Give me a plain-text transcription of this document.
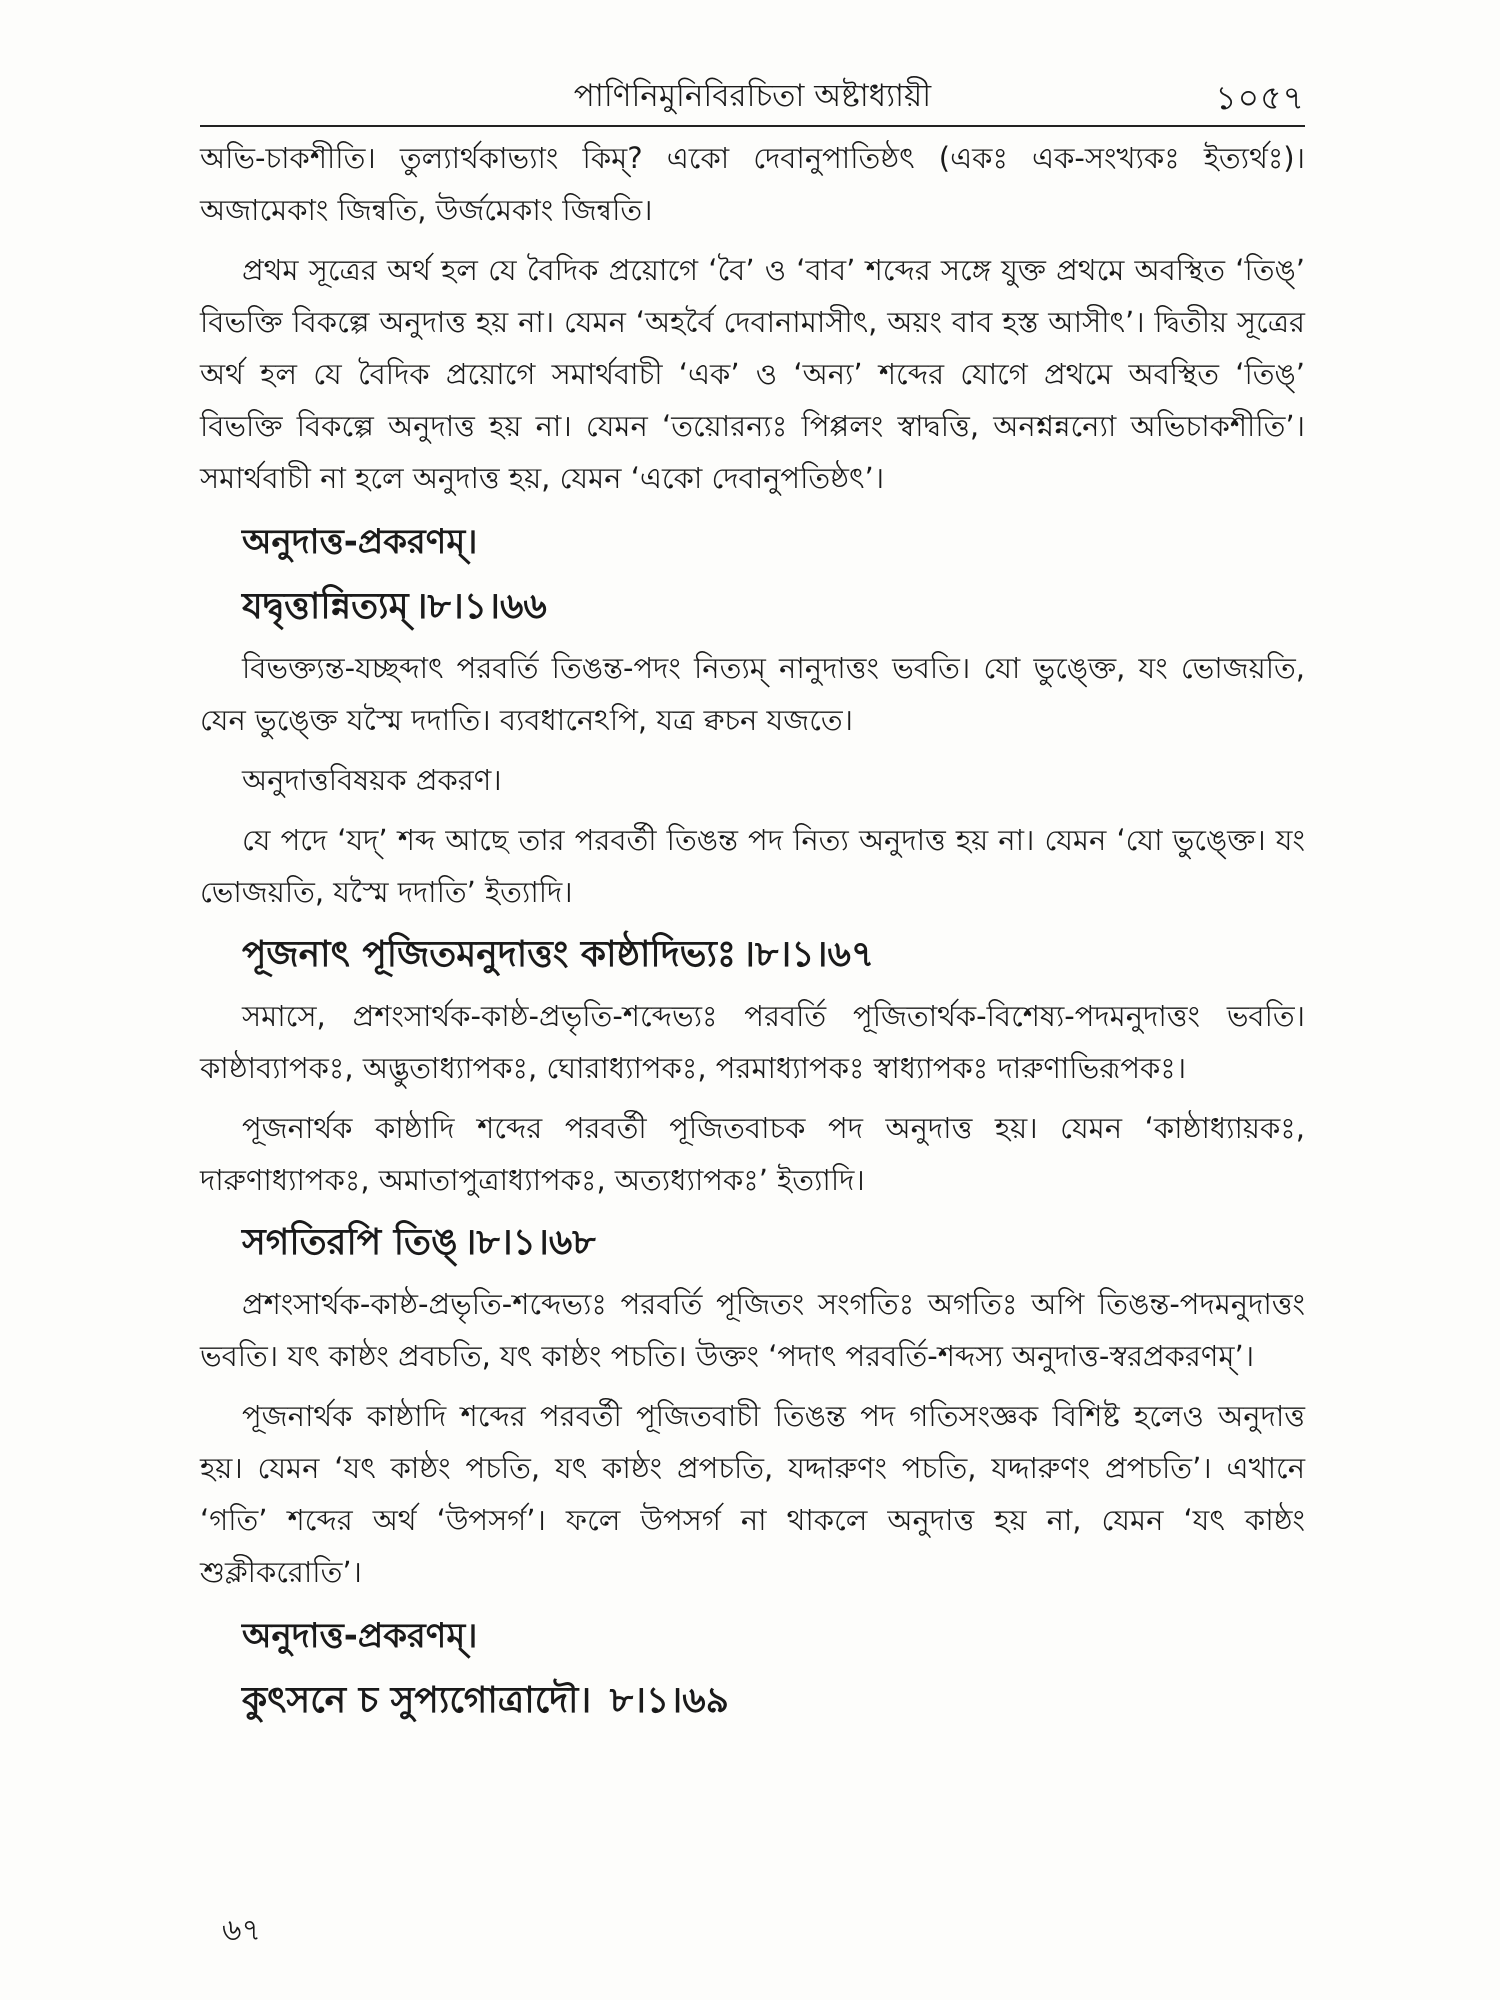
পাণিনিমুনিবিরচিতা অষ্টাধ্যায়ী	১০৫৭

অভি-চাকশীতি। তুল্যার্থকাভ্যাং কিম্? একো দেবানুপাতিষ্ঠৎ (একঃ এক-সংখ্যকঃ ইত্যর্থঃ)। অজামেকাং জিন্বতি, উর্জমেকাং জিন্বতি।

প্রথম সূত্রের অর্থ হল যে বৈদিক প্রয়োগে ‘বৈ’ ও ‘বাব’ শব্দের সঙ্গে যুক্ত প্রথমে অবস্থিত ‘তিঙ্’ বিভক্তি বিকল্পে অনুদাত্ত হয় না। যেমন ‘অহর্বৈ দেবানামাসীৎ, অয়ং বাব হস্ত আসীৎ’। দ্বিতীয় সূত্রের অর্থ হল যে বৈদিক প্রয়োগে সমার্থবাচী ‘এক’ ও ‘অন্য’ শব্দের যোগে প্রথমে অবস্থিত ‘তিঙ্’ বিভক্তি বিকল্পে অনুদাত্ত হয় না। যেমন ‘তয়োরন্যঃ পিপ্পলং স্বাদ্বত্তি, অনশ্নন্নন্যো অভিচাকশীতি’। সমার্থবাচী না হলে অনুদাত্ত হয়, যেমন ‘একো দেবানুপতিষ্ঠৎ’।

অনুদাত্ত-প্রকরণম্।
যদ্বৃত্তান্নিত্যম্ ।৮।১।৬৬

বিভক্ত্যন্ত-যচ্ছব্দাৎ পরবর্তি তিঙন্ত-পদং নিত্যম্ নানুদাত্তং ভবতি। যো ভুঙ্ক্তে, যং ভোজয়তি, যেন ভুঙ্ক্তে যস্মৈ দদাতি। ব্যবধানেঽপি, যত্র ক্বচন যজতে।

অনুদাত্তবিষয়ক প্রকরণ।

যে পদে ‘যদ্’ শব্দ আছে তার পরবর্তী তিঙন্ত পদ নিত্য অনুদাত্ত হয় না। যেমন ‘যো ভুঙ্ক্তে। যং ভোজয়তি, যস্মৈ দদাতি’ ইত্যাদি।

পূজনাৎ পূজিতমনুদাত্তং কাষ্ঠাদিভ্যঃ ।৮।১।৬৭

সমাসে, প্রশংসার্থক-কাষ্ঠ-প্রভৃতি-শব্দেভ্যঃ পরবর্তি পূজিতার্থক-বিশেষ্য-পদমনুদাত্তং ভবতি। কাষ্ঠাব্যাপকঃ, অদ্ভুতাধ্যাপকঃ, ঘোরাধ্যাপকঃ, পরমাধ্যাপকঃ স্বাধ্যাপকঃ দারুণাভিরূপকঃ।

পূজনার্থক কাষ্ঠাদি শব্দের পরবর্তী পূজিতবাচক পদ অনুদাত্ত হয়। যেমন ‘কাষ্ঠাধ্যায়কঃ, দারুণাধ্যাপকঃ, অমাতাপুত্রাধ্যাপকঃ, অত্যধ্যাপকঃ’ ইত্যাদি।

সগতিরপি তিঙ্ ।৮।১।৬৮

প্রশংসার্থক-কাষ্ঠ-প্রভৃতি-শব্দেভ্যঃ পরবর্তি পূজিতং সংগতিঃ অগতিঃ অপি তিঙন্ত-পদমনুদাত্তং ভবতি। যৎ কাষ্ঠং প্রবচতি, যৎ কাষ্ঠং পচতি। উক্তং ‘পদাৎ পরবর্তি-শব্দস্য অনুদাত্ত-স্বরপ্রকরণম্’।

পূজনার্থক কাষ্ঠাদি শব্দের পরবর্তী পূজিতবাচী তিঙন্ত পদ গতিসংজ্ঞক বিশিষ্ট হলেও অনুদাত্ত হয়। যেমন ‘যৎ কাষ্ঠং পচতি, যৎ কাষ্ঠং প্রপচতি, যদ্দারুণং পচতি, যদ্দারুণং প্রপচতি’। এখানে ‘গতি’ শব্দের অর্থ ‘উপসর্গ’। ফলে উপসর্গ না থাকলে অনুদাত্ত হয় না, যেমন ‘যৎ কাষ্ঠং শুক্লীকরোতি’।

অনুদাত্ত-প্রকরণম্।
কুৎসনে চ সুপ্যগোত্রাদৌ। ৮।১।৬৯
৬৭
